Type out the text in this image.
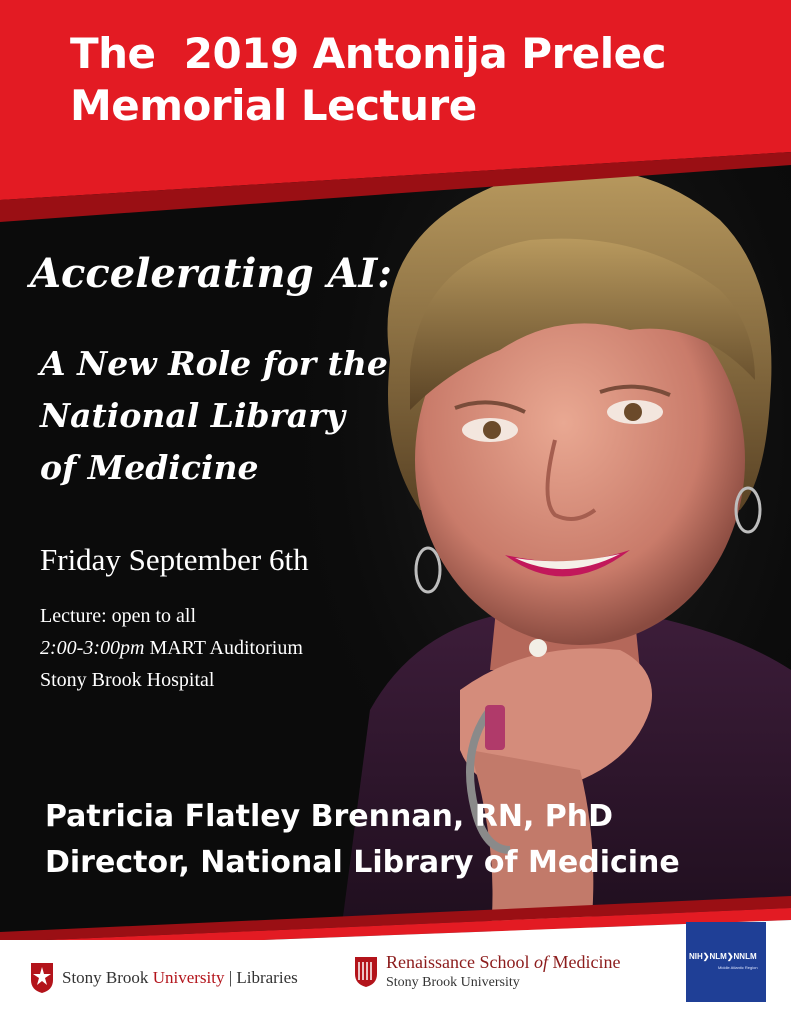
The  2019 Antonija Prelec
Memorial Lecture
Accelerating AI:
A New Role for the
National Library
of Medicine
Friday September 6th
Lecture: open to all
2:00-3:00pm MART Auditorium
Stony Brook Hospital
Patricia Flatley Brennan, RN, PhD
Director, National Library of Medicine
Stony Brook University | Libraries
Renaissance School of Medicine
Stony Brook University
NIH ❯ NLM ❯ NNLM
Middle Atlantic Region
